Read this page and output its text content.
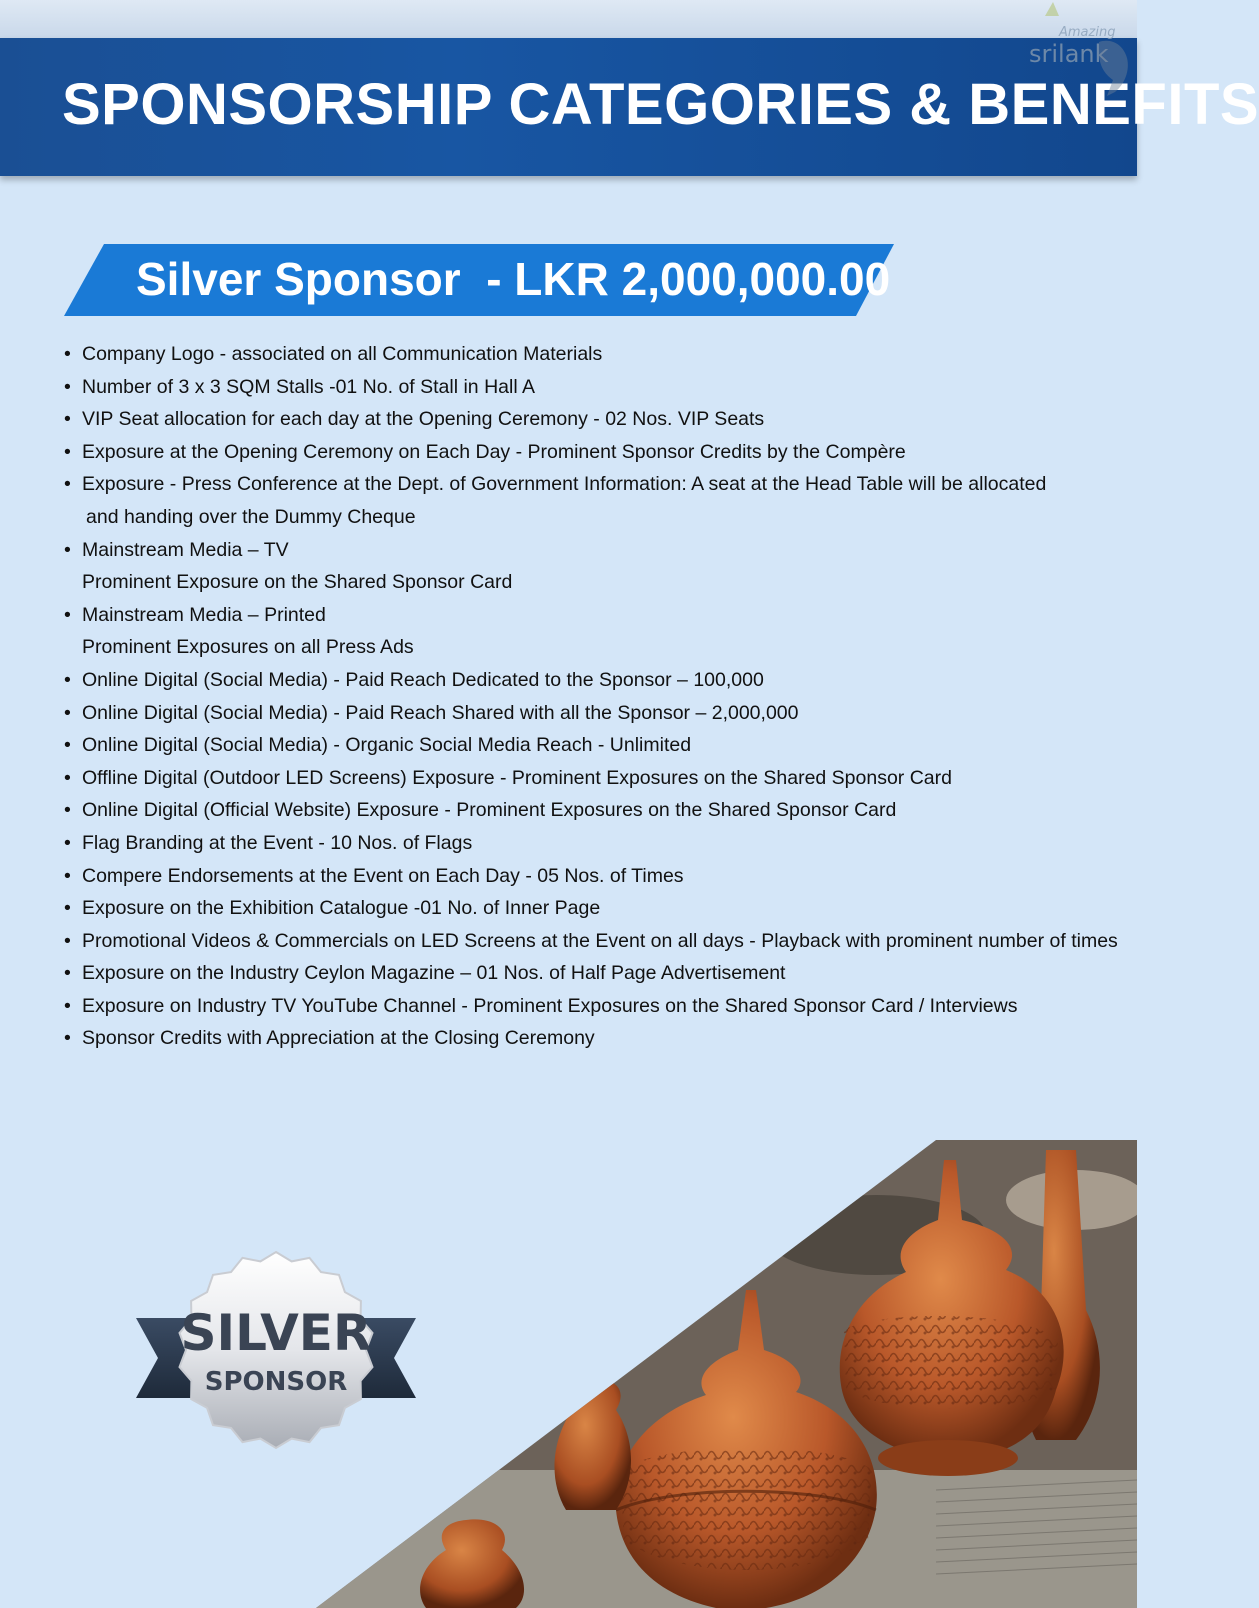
SPONSORSHIP CATEGORIES & BENEFITS
Amazing
srilank
Silver Sponsor  - LKR 2,000,000.00
• Company Logo - associated on all Communication Materials
• Number of 3 x 3 SQM Stalls -01 No. of Stall in Hall A
• VIP Seat allocation for each day at the Opening Ceremony - 02 Nos. VIP Seats
• Exposure at the Opening Ceremony on Each Day - Prominent Sponsor Credits by the Compère
• Exposure - Press Conference at the Dept. of Government Information: A seat at the Head Table will be allocated
and handing over the Dummy Cheque
• Mainstream Media – TV
Prominent Exposure on the Shared Sponsor Card
• Mainstream Media – Printed
Prominent Exposures on all Press Ads
• Online Digital (Social Media) - Paid Reach Dedicated to the Sponsor – 100,000
• Online Digital (Social Media) - Paid Reach Shared with all the Sponsor – 2,000,000
• Online Digital (Social Media) - Organic Social Media Reach - Unlimited
• Offline Digital (Outdoor LED Screens) Exposure - Prominent Exposures on the Shared Sponsor Card
• Online Digital (Official Website) Exposure - Prominent Exposures on the Shared Sponsor Card
• Flag Branding at the Event - 10 Nos. of Flags
• Compere Endorsements at the Event on Each Day - 05 Nos. of Times
• Exposure on the Exhibition Catalogue -01 No. of Inner Page
• Promotional Videos & Commercials on LED Screens at the Event on all days - Playback with prominent number of times
• Exposure on the Industry Ceylon Magazine – 01 Nos. of Half Page Advertisement
• Exposure on Industry TV YouTube Channel - Prominent Exposures on the Shared Sponsor Card / Interviews
• Sponsor Credits with Appreciation at the Closing Ceremony
SILVER
SPONSOR
